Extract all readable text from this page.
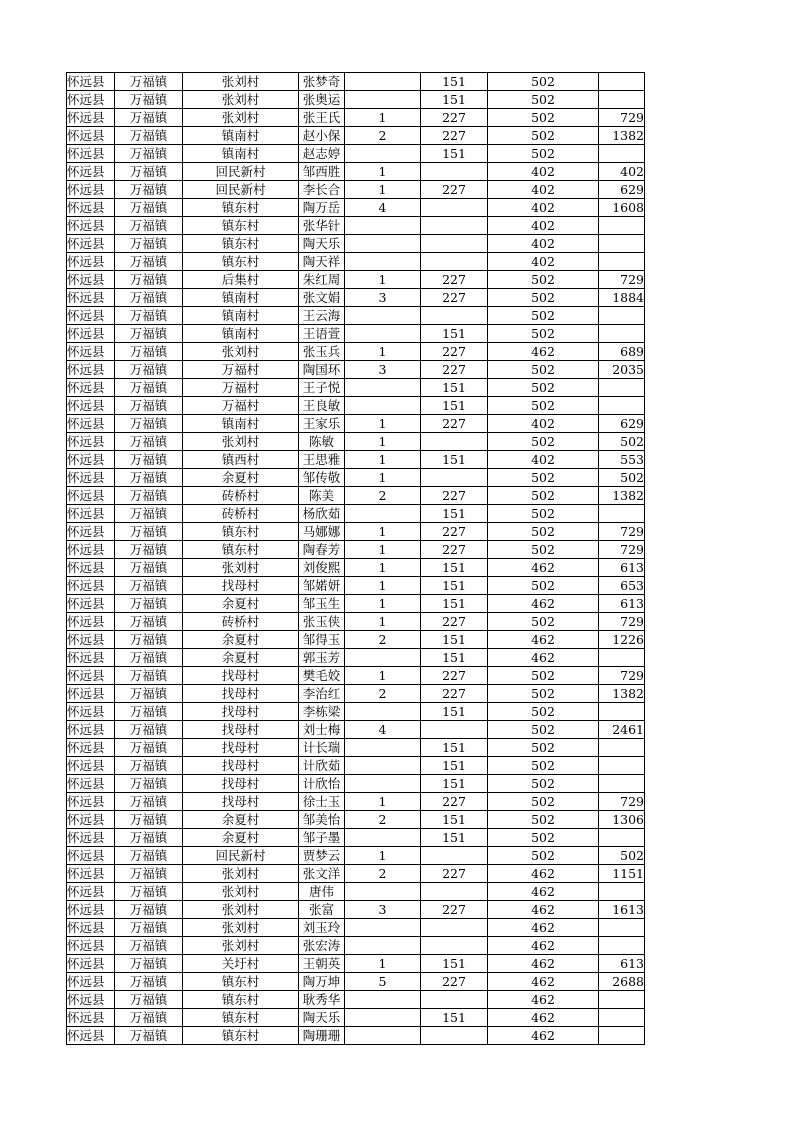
怀远县	万福镇	张刘村	张梦奇		151	502	
怀远县	万福镇	张刘村	张奥运		151	502	
怀远县	万福镇	张刘村	张王氏	1	227	502	729
怀远县	万福镇	镇南村	赵小保	2	227	502	1382
怀远县	万福镇	镇南村	赵志婷		151	502	
怀远县	万福镇	回民新村	邹西胜	1		402	402
怀远县	万福镇	回民新村	李长合	1	227	402	629
怀远县	万福镇	镇东村	陶万岳	4		402	1608
怀远县	万福镇	镇东村	张华针			402	
怀远县	万福镇	镇东村	陶天乐			402	
怀远县	万福镇	镇东村	陶天祥			402	
怀远县	万福镇	后集村	朱红周	1	227	502	729
怀远县	万福镇	镇南村	张文娟	3	227	502	1884
怀远县	万福镇	镇南村	王云海			502	
怀远县	万福镇	镇南村	王语萱		151	502	
怀远县	万福镇	张刘村	张玉兵	1	227	462	689
怀远县	万福镇	万福村	陶国环	3	227	502	2035
怀远县	万福镇	万福村	王子悦		151	502	
怀远县	万福镇	万福村	王良敏		151	502	
怀远县	万福镇	镇南村	王家乐	1	227	402	629
怀远县	万福镇	张刘村	陈敏	1		502	502
怀远县	万福镇	镇西村	王思雅	1	151	402	553
怀远县	万福镇	余夏村	邹传敬	1		502	502
怀远县	万福镇	砖桥村	陈美	2	227	502	1382
怀远县	万福镇	砖桥村	杨欣茹		151	502	
怀远县	万福镇	镇东村	马娜娜	1	227	502	729
怀远县	万福镇	镇东村	陶春芳	1	227	502	729
怀远县	万福镇	张刘村	刘俊熙	1	151	462	613
怀远县	万福镇	找母村	邹婼妍	1	151	502	653
怀远县	万福镇	余夏村	邹玉生	1	151	462	613
怀远县	万福镇	砖桥村	张玉侠	1	227	502	729
怀远县	万福镇	余夏村	邹得玉	2	151	462	1226
怀远县	万福镇	余夏村	郭玉芳		151	462	
怀远县	万福镇	找母村	樊毛姣	1	227	502	729
怀远县	万福镇	找母村	李治红	2	227	502	1382
怀远县	万福镇	找母村	李栋梁		151	502	
怀远县	万福镇	找母村	刘士梅	4		502	2461
怀远县	万福镇	找母村	计长瑞		151	502	
怀远县	万福镇	找母村	计欣茹		151	502	
怀远县	万福镇	找母村	计欣怡		151	502	
怀远县	万福镇	找母村	徐士玉	1	227	502	729
怀远县	万福镇	余夏村	邹美怡	2	151	502	1306
怀远县	万福镇	余夏村	邹子墨		151	502	
怀远县	万福镇	回民新村	贾梦云	1		502	502
怀远县	万福镇	张刘村	张文洋	2	227	462	1151
怀远县	万福镇	张刘村	唐伟			462	
怀远县	万福镇	张刘村	张富	3	227	462	1613
怀远县	万福镇	张刘村	刘玉玲			462	
怀远县	万福镇	张刘村	张宏涛			462	
怀远县	万福镇	关圩村	王朝英	1	151	462	613
怀远县	万福镇	镇东村	陶万坤	5	227	462	2688
怀远县	万福镇	镇东村	耿秀华			462	
怀远县	万福镇	镇东村	陶天乐		151	462	
怀远县	万福镇	镇东村	陶珊珊			462	
